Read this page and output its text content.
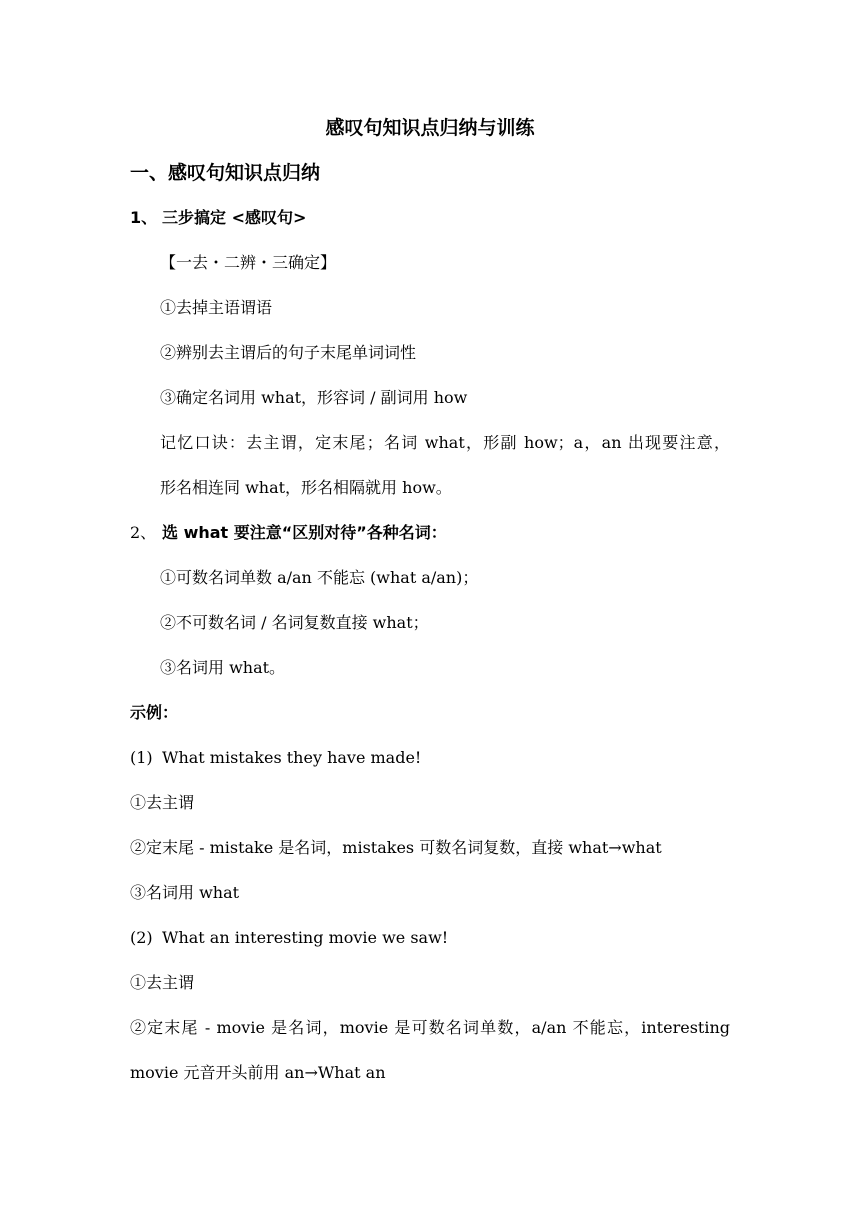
感叹句知识点归纳与训练
一、感叹句知识点归纳
1、 三步搞定 <感叹句>
【一去・二辨・三确定】
①去掉主语谓语
②辨别去主谓后的句子末尾单词词性
③确定名词用 what，形容词 / 副词用 how
记忆口诀：去主谓，定末尾；名词 what，形副 how；a，an 出现要注意，
形名相连同 what，形名相隔就用 how。
2、 选 what 要注意“区别对待”各种名词：
①可数名词单数 a/an 不能忘 (what a/an)；
②不可数名词 / 名词复数直接 what；
③名词用 what。
示例：
(1) What mistakes they have made!
①去主谓
②定末尾 - mistake 是名词，mistakes 可数名词复数，直接 what→what
③名词用 what
(2) What an interesting movie we saw!
①去主谓
②定末尾 - movie 是名词，movie 是可数名词单数，a/an 不能忘，interesting
movie 元音开头前用 an→What an
